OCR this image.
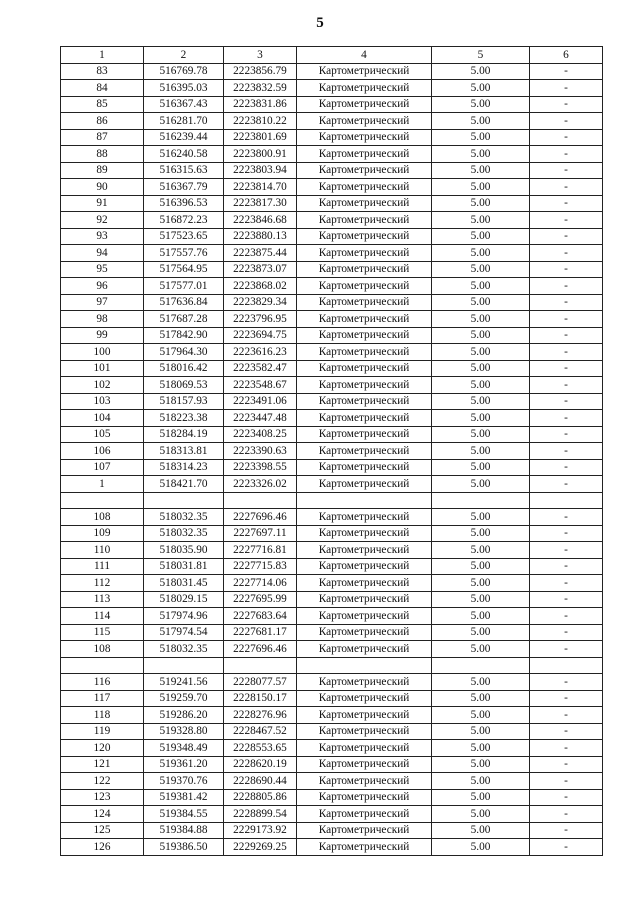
5
1	2	3	4	5	6
83	516769.78	2223856.79	Картометрический	5.00	-
84	516395.03	2223832.59	Картометрический	5.00	-
85	516367.43	2223831.86	Картометрический	5.00	-
86	516281.70	2223810.22	Картометрический	5.00	-
87	516239.44	2223801.69	Картометрический	5.00	-
88	516240.58	2223800.91	Картометрический	5.00	-
89	516315.63	2223803.94	Картометрический	5.00	-
90	516367.79	2223814.70	Картометрический	5.00	-
91	516396.53	2223817.30	Картометрический	5.00	-
92	516872.23	2223846.68	Картометрический	5.00	-
93	517523.65	2223880.13	Картометрический	5.00	-
94	517557.76	2223875.44	Картометрический	5.00	-
95	517564.95	2223873.07	Картометрический	5.00	-
96	517577.01	2223868.02	Картометрический	5.00	-
97	517636.84	2223829.34	Картометрический	5.00	-
98	517687.28	2223796.95	Картометрический	5.00	-
99	517842.90	2223694.75	Картометрический	5.00	-
100	517964.30	2223616.23	Картометрический	5.00	-
101	518016.42	2223582.47	Картометрический	5.00	-
102	518069.53	2223548.67	Картометрический	5.00	-
103	518157.93	2223491.06	Картометрический	5.00	-
104	518223.38	2223447.48	Картометрический	5.00	-
105	518284.19	2223408.25	Картометрический	5.00	-
106	518313.81	2223390.63	Картометрический	5.00	-
107	518314.23	2223398.55	Картометрический	5.00	-
1	518421.70	2223326.02	Картометрический	5.00	-

108	518032.35	2227696.46	Картометрический	5.00	-
109	518032.35	2227697.11	Картометрический	5.00	-
110	518035.90	2227716.81	Картометрический	5.00	-
111	518031.81	2227715.83	Картометрический	5.00	-
112	518031.45	2227714.06	Картометрический	5.00	-
113	518029.15	2227695.99	Картометрический	5.00	-
114	517974.96	2227683.64	Картометрический	5.00	-
115	517974.54	2227681.17	Картометрический	5.00	-
108	518032.35	2227696.46	Картометрический	5.00	-

116	519241.56	2228077.57	Картометрический	5.00	-
117	519259.70	2228150.17	Картометрический	5.00	-
118	519286.20	2228276.96	Картометрический	5.00	-
119	519328.80	2228467.52	Картометрический	5.00	-
120	519348.49	2228553.65	Картометрический	5.00	-
121	519361.20	2228620.19	Картометрический	5.00	-
122	519370.76	2228690.44	Картометрический	5.00	-
123	519381.42	2228805.86	Картометрический	5.00	-
124	519384.55	2228899.54	Картометрический	5.00	-
125	519384.88	2229173.92	Картометрический	5.00	-
126	519386.50	2229269.25	Картометрический	5.00	-
